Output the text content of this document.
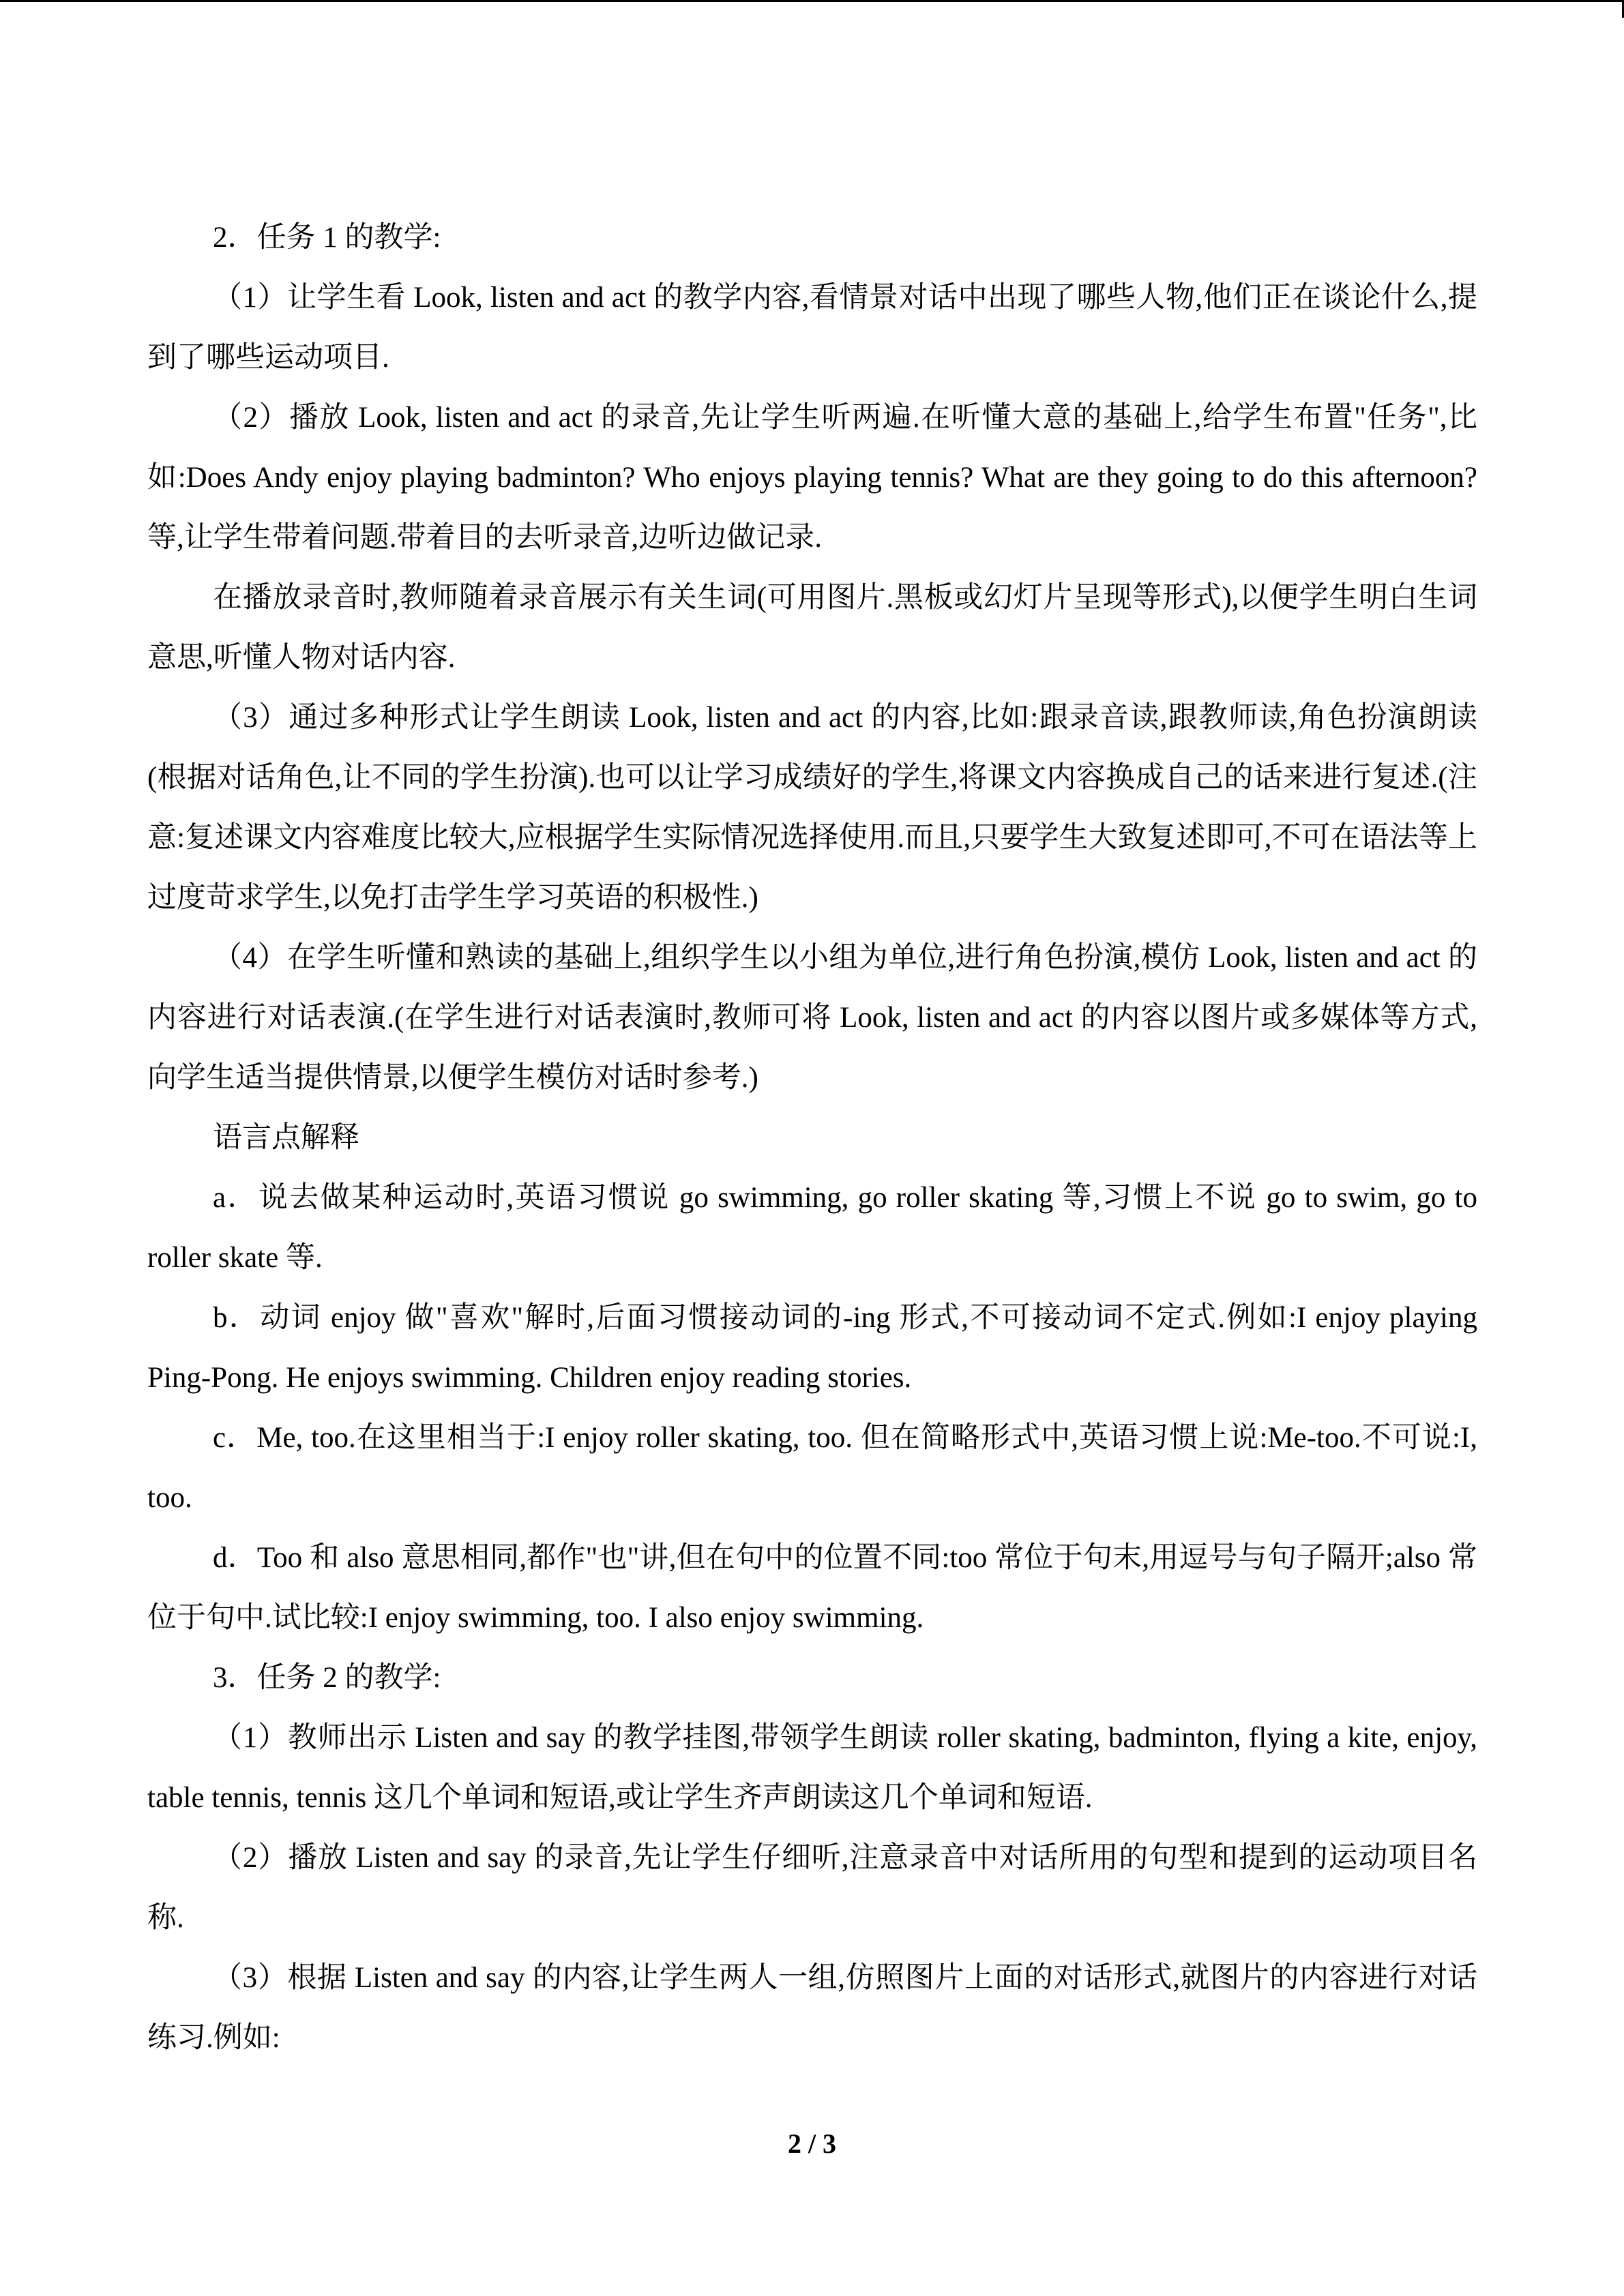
2．任务 1 的教学:

（1）让学生看 Look, listen and act 的教学内容,看情景对话中出现了哪些人物,他们正在谈论什么,提到了哪些运动项目.

（2）播放 Look, listen and act 的录音,先让学生听两遍.在听懂大意的基础上,给学生布置"任务",比如:Does Andy enjoy playing badminton? Who enjoys playing tennis? What are they going to do this afternoon? 等,让学生带着问题.带着目的去听录音,边听边做记录.

在播放录音时,教师随着录音展示有关生词(可用图片.黑板或幻灯片呈现等形式),以便学生明白生词意思,听懂人物对话内容.

（3）通过多种形式让学生朗读 Look, listen and act 的内容,比如:跟录音读,跟教师读,角色扮演朗读(根据对话角色,让不同的学生扮演).也可以让学习成绩好的学生,将课文内容换成自己的话来进行复述.(注意:复述课文内容难度比较大,应根据学生实际情况选择使用.而且,只要学生大致复述即可,不可在语法等上过度苛求学生,以免打击学生学习英语的积极性.)

（4）在学生听懂和熟读的基础上,组织学生以小组为单位,进行角色扮演,模仿 Look, listen and act 的内容进行对话表演.(在学生进行对话表演时,教师可将 Look, listen and act 的内容以图片或多媒体等方式,向学生适当提供情景,以便学生模仿对话时参考.)

语言点解释

a．说去做某种运动时,英语习惯说 go swimming, go roller skating 等,习惯上不说 go to swim, go to roller skate 等.

b．动词 enjoy 做"喜欢"解时,后面习惯接动词的-ing 形式,不可接动词不定式.例如:I enjoy playing Ping-Pong. He enjoys swimming. Children enjoy reading stories.

c．Me, too.在这里相当于:I enjoy roller skating, too. 但在简略形式中,英语习惯上说:Me-too.不可说:I, too.

d．Too 和 also 意思相同,都作"也"讲,但在句中的位置不同:too 常位于句末,用逗号与句子隔开;also 常位于句中.试比较:I enjoy swimming, too. I also enjoy swimming.

3．任务 2 的教学:

（1）教师出示 Listen and say 的教学挂图,带领学生朗读 roller skating, badminton, flying a kite, enjoy, table tennis, tennis 这几个单词和短语,或让学生齐声朗读这几个单词和短语.

（2）播放 Listen and say 的录音,先让学生仔细听,注意录音中对话所用的句型和提到的运动项目名称.

（3）根据 Listen and say 的内容,让学生两人一组,仿照图片上面的对话形式,就图片的内容进行对话练习.例如:

2 / 3
